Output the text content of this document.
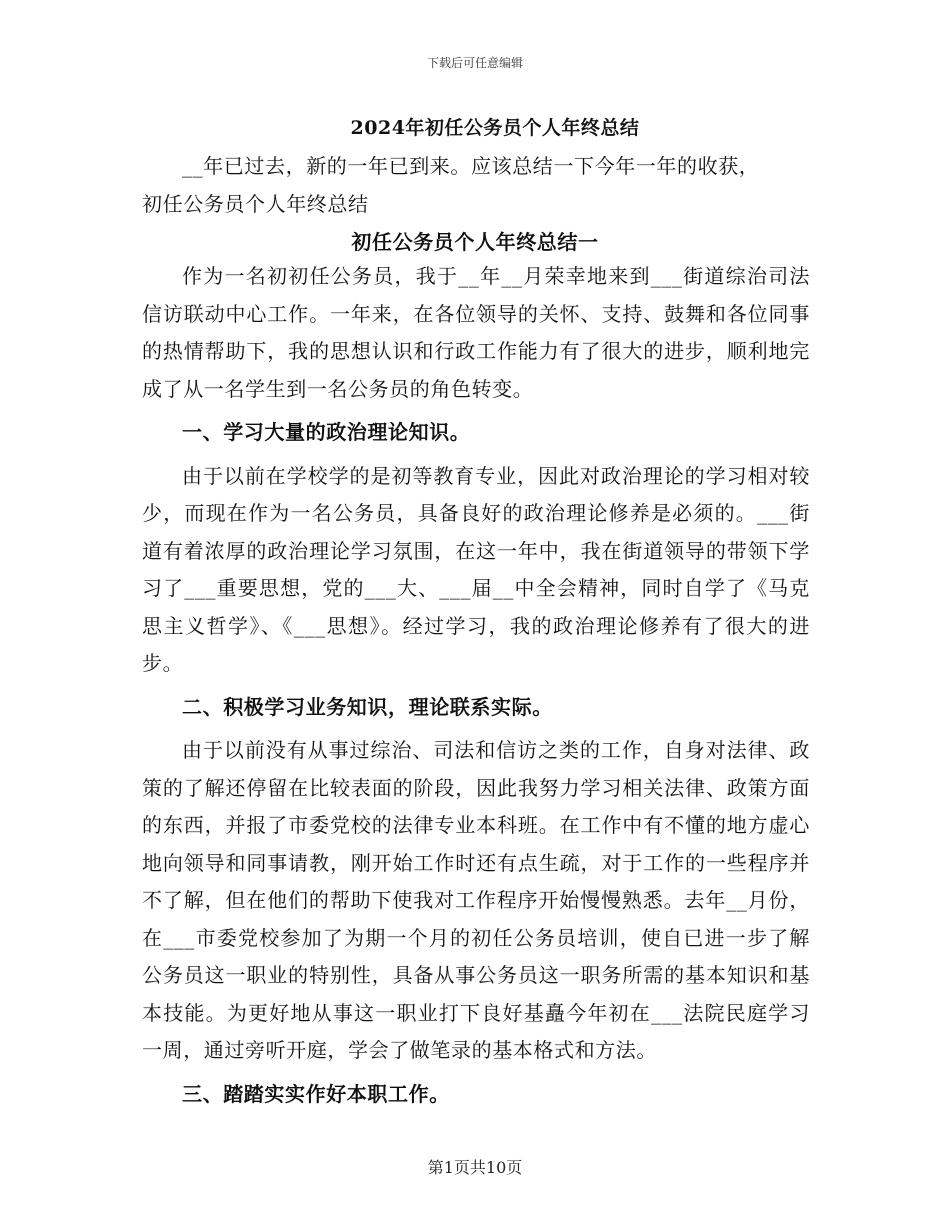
下载后可任意编辑
2024年初任公务员个人年终总结

__年已过去，新的一年已到来。应该总结一下今年一年的收获，

初任公务员个人年终总结

初任公务员个人年终总结一

作为一名初初任公务员，我于__年__月荣幸地来到___街道综治司法信访联动中心工作。一年来，在各位领导的关怀、支持、鼓舞和各位同事的热情帮助下，我的思想认识和行政工作能力有了很大的进步，顺利地完成了从一名学生到一名公务员的角色转变。

一、学习大量的政治理论知识。

由于以前在学校学的是初等教育专业，因此对政治理论的学习相对较少，而现在作为一名公务员，具备良好的政治理论修养是必须的。___街道有着浓厚的政治理论学习氛围，在这一年中，我在街道领导的带领下学习了___重要思想，党的___大、___届__中全会精神，同时自学了《马克思主义哲学》、《___思想》。经过学习，我的政治理论修养有了很大的进步。

二、积极学习业务知识，理论联系实际。

由于以前没有从事过综治、司法和信访之类的工作，自身对法律、政策的了解还停留在比较表面的阶段，因此我努力学习相关法律、政策方面的东西，并报了市委党校的法律专业本科班。在工作中有不懂的地方虚心地向领导和同事请教，刚开始工作时还有点生疏，对于工作的一些程序并不了解，但在他们的帮助下使我对工作程序开始慢慢熟悉。去年__月份，在___市委党校参加了为期一个月的初任公务员培训，使自已进一步了解公务员这一职业的特别性，具备从事公务员这一职务所需的基本知识和基本技能。为更好地从事这一职业打下良好基矗今年初在___法院民庭学习一周，通过旁听开庭，学会了做笔录的基本格式和方法。

三、踏踏实实作好本职工作。

第1页共10页
